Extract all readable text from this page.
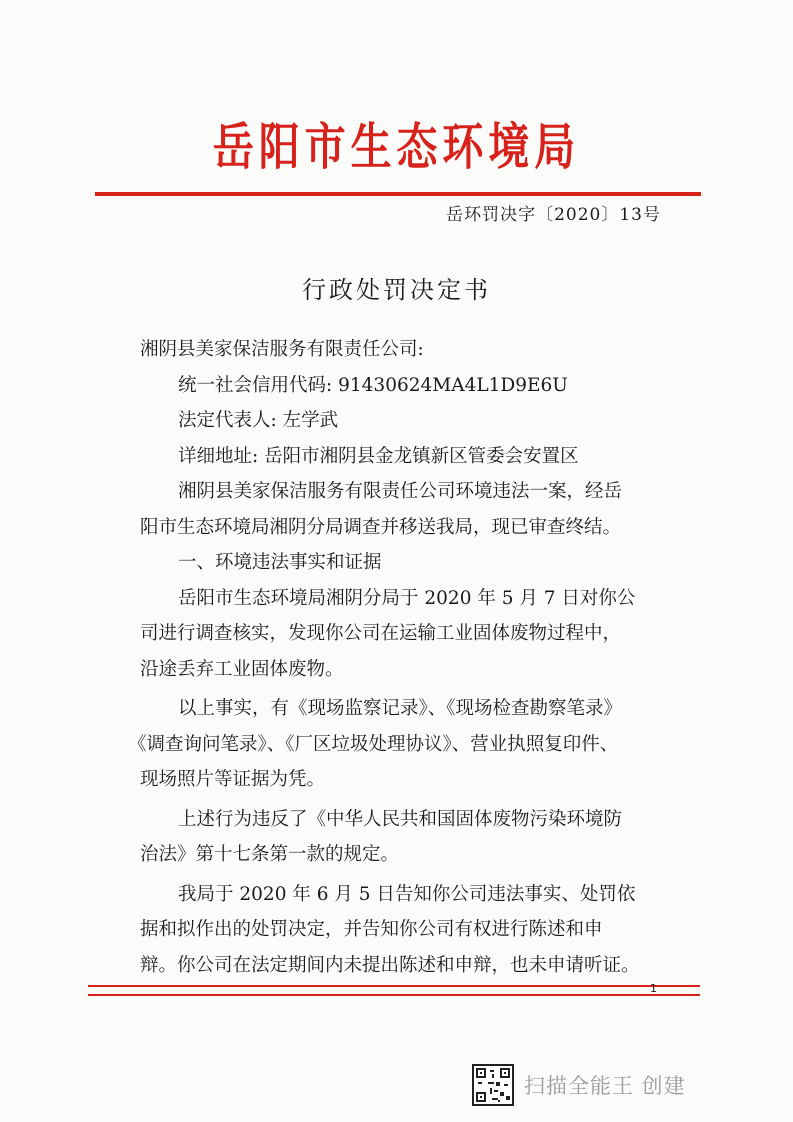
岳阳市生态环境局
岳环罚决字〔2020〕13号
行政处罚决定书
湘阴县美家保洁服务有限责任公司:
统一社会信用代码: 91430624MA4L1D9E6U
法定代表人: 左学武
详细地址: 岳阳市湘阴县金龙镇新区管委会安置区
湘阴县美家保洁服务有限责任公司环境违法一案，经岳
阳市生态环境局湘阴分局调查并移送我局，现已审查终结。
一、环境违法事实和证据
岳阳市生态环境局湘阴分局于 2020 年 5 月 7 日对你公
司进行调查核实，发现你公司在运输工业固体废物过程中，
沿途丢弃工业固体废物。
以上事实，有《现场监察记录》、《现场检查勘察笔录》
《调查询问笔录》、《厂区垃圾处理协议》、营业执照复印件、
现场照片等证据为凭。
上述行为违反了《中华人民共和国固体废物污染环境防
治法》第十七条第一款的规定。
我局于 2020 年 6 月 5 日告知你公司违法事实、处罚依
据和拟作出的处罚决定，并告知你公司有权进行陈述和申
辩。你公司在法定期间内未提出陈述和申辩，也未申请听证。
1
扫描全能王 创建
